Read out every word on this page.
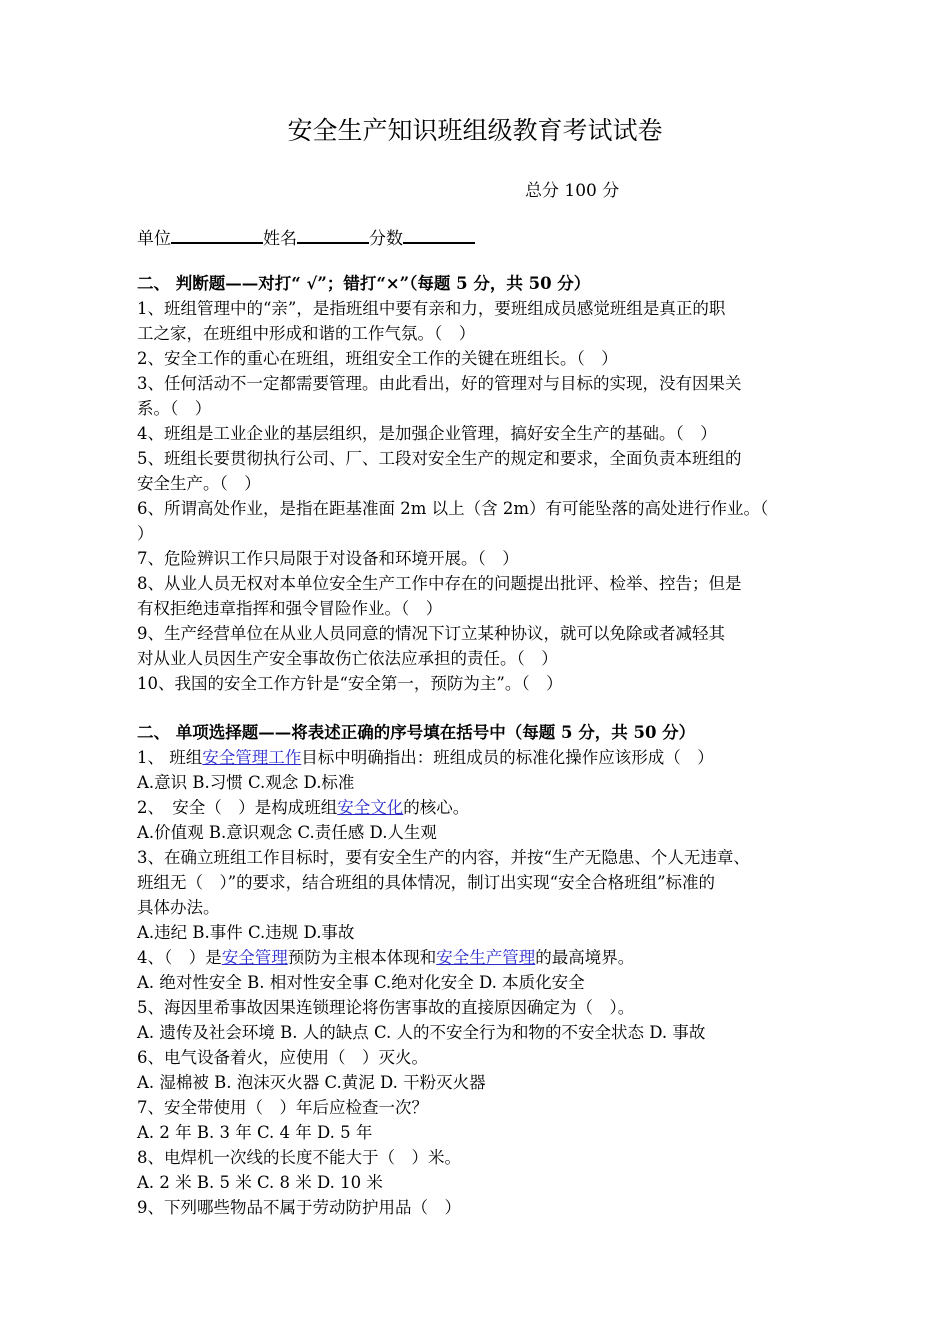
安全生产知识班组级教育考试试卷
总分 100 分
单位	姓名	分数
二、 判断题——对打“ √”；错打“×”（每题 5 分，共 50 分）
1、班组管理中的“亲”，是指班组中要有亲和力，要班组成员感觉班组是真正的职
工之家，在班组中形成和谐的工作气氛。（　）
2、安全工作的重心在班组，班组安全工作的关键在班组长。（　）
3、任何活动不一定都需要管理。由此看出，好的管理对与目标的实现，没有因果关
系。（　）
4、班组是工业企业的基层组织，是加强企业管理，搞好安全生产的基础。（　）
5、班组长要贯彻执行公司、厂、工段对安全生产的规定和要求，全面负责本班组的
安全生产。（　）
6、所谓高处作业，是指在距基准面 2m 以上（含 2m）有可能坠落的高处进行作业。（
）
7、危险辨识工作只局限于对设备和环境开展。（　）
8、从业人员无权对本单位安全生产工作中存在的问题提出批评、检举、控告；但是
有权拒绝违章指挥和强令冒险作业。（　）
9、生产经营单位在从业人员同意的情况下订立某种协议，就可以免除或者减轻其
对从业人员因生产安全事故伤亡依法应承担的责任。（　）
10、我国的安全工作方针是“安全第一，预防为主”。（　）
二、 单项选择题——将表述正确的序号填在括号中（每题 5 分，共 50 分）
1、 班组安全管理工作目标中明确指出：班组成员的标准化操作应该形成（　）
A.意识 B.习惯 C.观念 D.标准
2、　安全（　）是构成班组安全文化的核心。
A.价值观 B.意识观念 C.责任感 D.人生观
3、在确立班组工作目标时，要有安全生产的内容，并按“生产无隐患、个人无违章、
班组无（　）”的要求，结合班组的具体情况，制订出实现“安全合格班组”标准的
具体办法。
A.违纪 B.事件 C.违规 D.事故
4、（　）是安全管理预防为主根本体现和安全生产管理的最高境界。
A. 绝对性安全 B. 相对性安全事 C.绝对化安全 D. 本质化安全
5、海因里希事故因果连锁理论将伤害事故的直接原因确定为（　）。
A. 遗传及社会环境 B. 人的缺点 C. 人的不安全行为和物的不安全状态 D. 事故
6、电气设备着火，应使用（　）灭火。
A. 湿棉被 B. 泡沫灭火器 C.黄泥 D. 干粉灭火器
7、安全带使用（　）年后应检查一次？
A. 2 年 B. 3 年 C. 4 年 D. 5 年
8、电焊机一次线的长度不能大于（　）米。
A. 2 米 B. 5 米 C. 8 米 D. 10 米
9、下列哪些物品不属于劳动防护用品（　）
